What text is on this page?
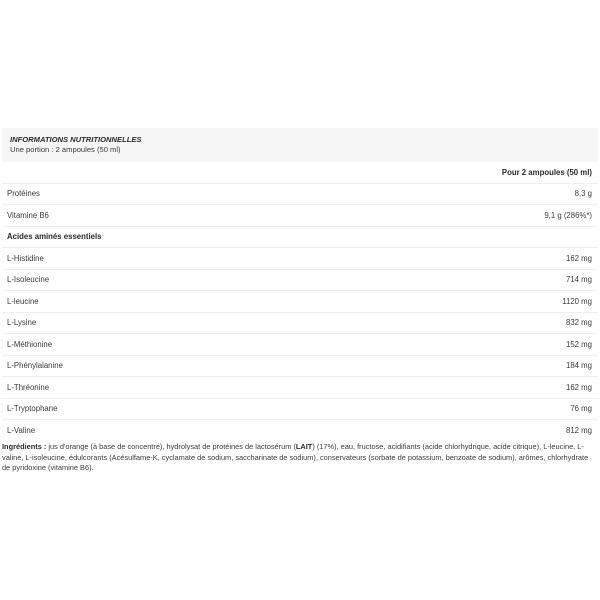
INFORMATIONS NUTRITIONNELLES
Une portion : 2 ampoules (50 ml)
Pour 2 ampoules (50 ml)
Protéines	8,3 g
Vitamine B6	9,1 g (286%*)
Acides aminés essentiels
L-Histidine	162 mg
L-Isoleucine	714 mg
L-leucine	1120 mg
L-Lysine	832 mg
L-Méthionine	152 mg
L-Phénylalanine	184 mg
L-Thréonine	162 mg
L-Tryptophane	76 mg
L-Valine	812 mg

Ingrédients : jus d'orange (à base de concentré), hydrolysat de protéines de lactosérum (LAIT) (17%), eau, fructose, acidifiants (acide chlorhydrique, acide citrique), L-leucine, L-valine, L-isoleucine, édulcorants (Acésulfame-K, cyclamate de sodium, saccharinate de sodium), conservateurs (sorbate de potassium, benzoate de sodium), arômes, chlorhydrate de pyridoxine (vitamine B6).
